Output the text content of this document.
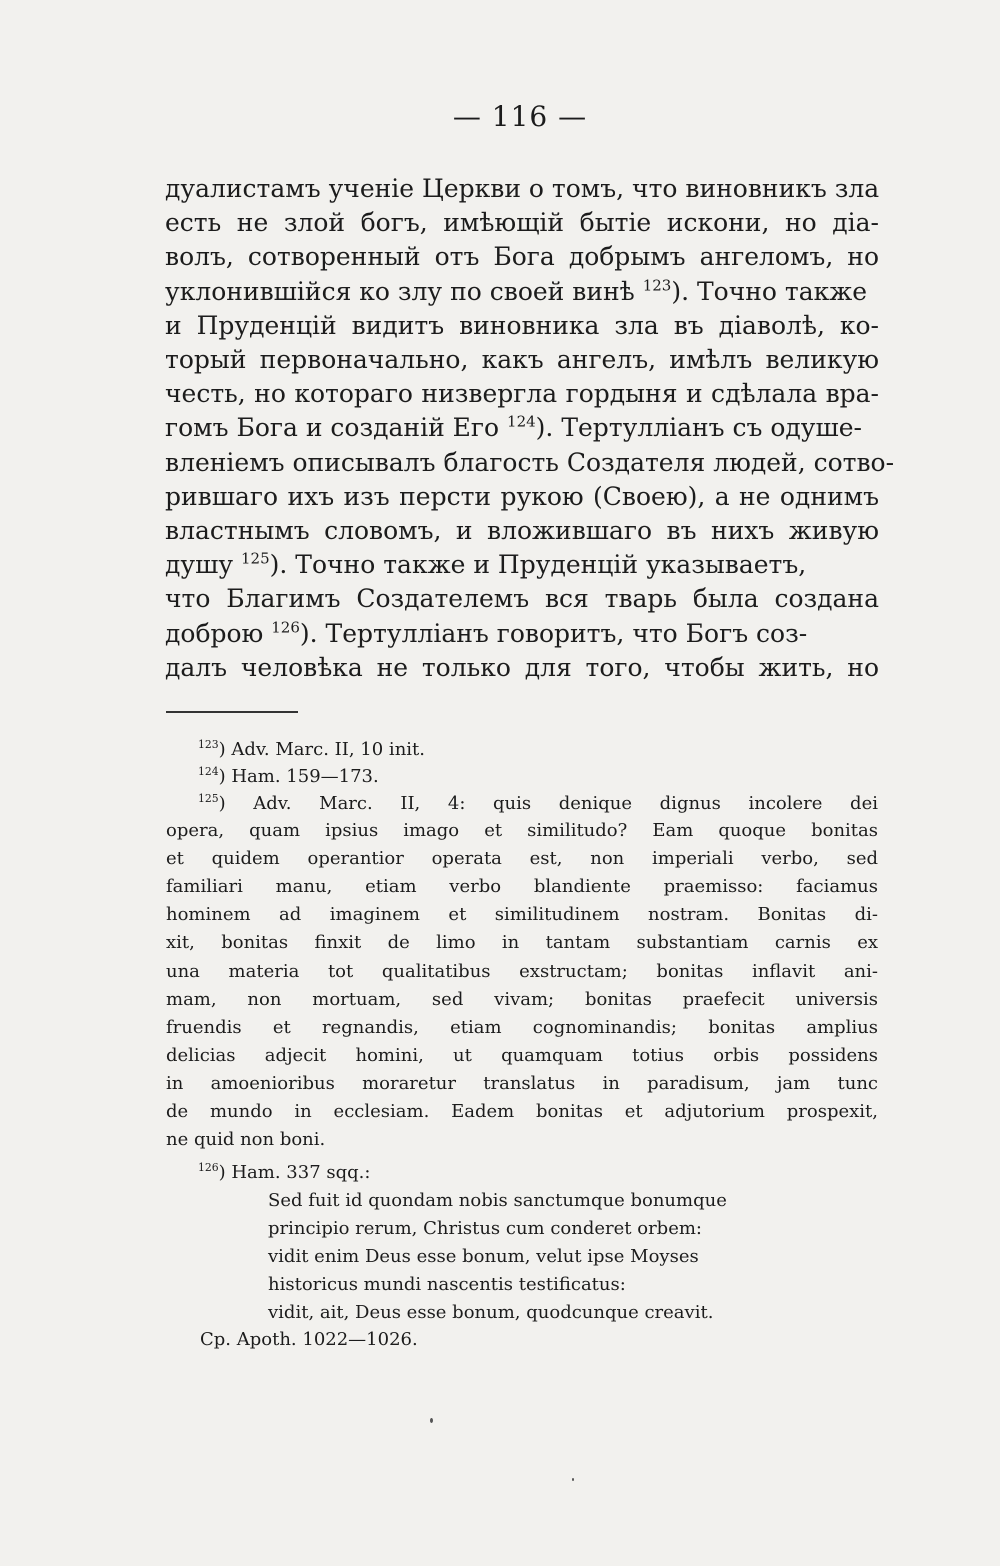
— 116 —
дуалистамъ ученіе Церкви о томъ, что виновникъ зла
есть не злой богъ, имѣющій бытіе искони, но діа-
волъ, сотворенный отъ Бога добрымъ ангеломъ, но
уклонившійся ко злу по своей винѣ $^{123}$). Точно также
и Пруденцій видитъ виновника зла въ діаволѣ, ко-
торый первоначально, какъ ангелъ, имѣлъ великую
честь, но котораго низвергла гордыня и сдѣлала вра-
гомъ Бога и созданій Его $^{124}$). Тертулліанъ съ одуше-
вленіемъ описывалъ благость Создателя людей, сотво-
рившаго ихъ изъ персти рукою (Своею), а не однимъ
властнымъ словомъ, и вложившаго въ нихъ живую
душу $^{125}$). Точно также и Пруденцій указываетъ,
что Благимъ Создателемъ вся тварь была создана
доброю $^{126}$). Тертулліанъ говоритъ, что Богъ соз-
далъ человѣка не только для того, чтобы жить, но
$^{123}$) Adv. Marc. II, 10 init.
$^{124}$) Ham. 159—173.
$^{125}$) Adv. Marc. II, 4: quis denique dignus incolere dei
opera, quam ipsius imago et similitudo? Eam quoque bonitas
et quidem operantior operata est, non imperiali verbo, sed
familiari manu, etiam verbo blandiente praemisso: faciamus
hominem ad imaginem et similitudinem nostram. Bonitas di-
xit, bonitas finxit de limo in tantam substantiam carnis ex
una materia tot qualitatibus exstructam; bonitas inflavit ani-
mam, non mortuam, sed vivam; bonitas praefecit universis
fruendis et regnandis, etiam cognominandis; bonitas amplius
delicias adjecit homini, ut quamquam totius orbis possidens
in amoenioribus moraretur translatus in paradisum, jam tunc
de mundo in ecclesiam. Eadem bonitas et adjutorium prospexit,
ne quid non boni.
$^{126}$) Ham. 337 sqq.:
Sed fuit id quondam nobis sanctumque bonumque
principio rerum, Christus cum conderet orbem:
vidit enim Deus esse bonum, velut ipse Moyses
historicus mundi nascentis testificatus:
vidit, ait, Deus esse bonum, quodcunque creavit.
Cp. Apoth. 1022—1026.
